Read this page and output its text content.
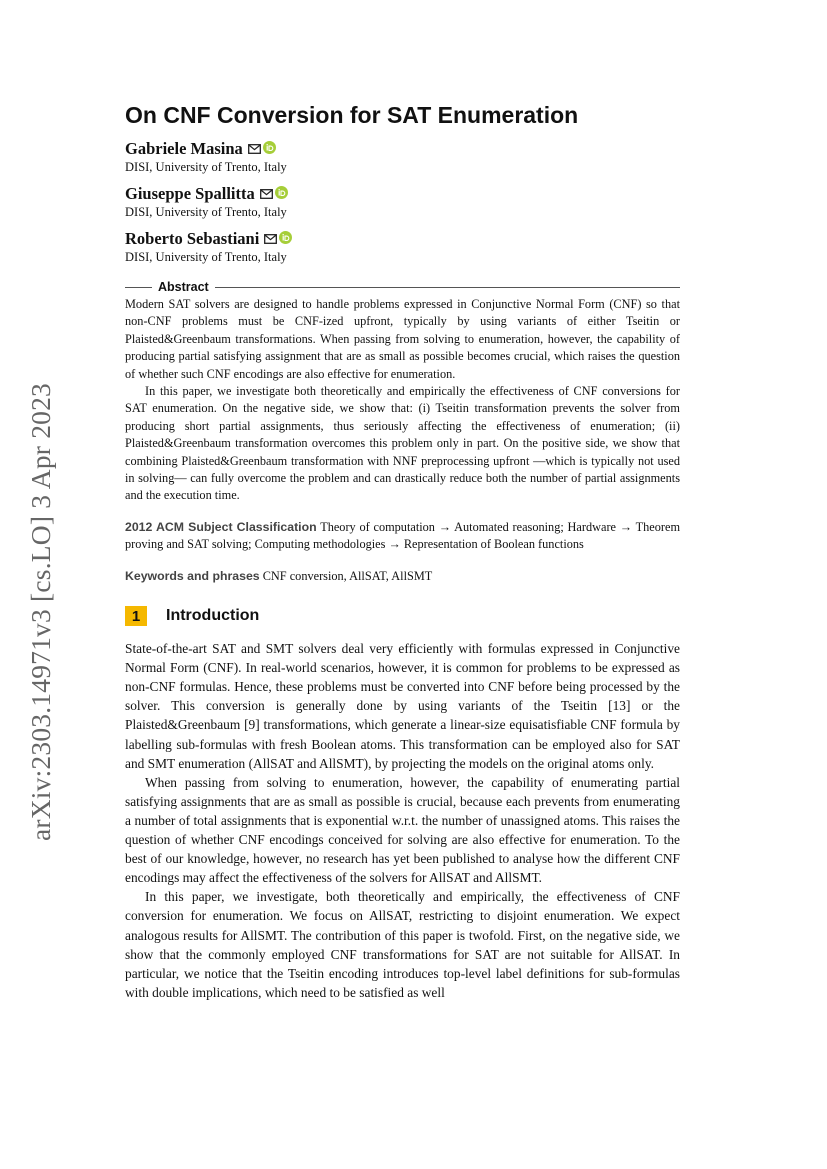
arXiv:2303.14971v3 [cs.LO] 3 Apr 2023
On CNF Conversion for SAT Enumeration
Gabriele Masina
DISI, University of Trento, Italy
Giuseppe Spallitta
DISI, University of Trento, Italy
Roberto Sebastiani
DISI, University of Trento, Italy
Abstract

Modern SAT solvers are designed to handle problems expressed in Conjunctive Normal Form (CNF) so that non-CNF problems must be CNF-ized upfront, typically by using variants of either Tseitin or Plaisted&Greenbaum transformations. When passing from solving to enumeration, however, the capability of producing partial satisfying assignment that are as small as possible becomes crucial, which raises the question of whether such CNF encodings are also effective for enumeration.

In this paper, we investigate both theoretically and empirically the effectiveness of CNF conversions for SAT enumeration. On the negative side, we show that: (i) Tseitin transformation prevents the solver from producing short partial assignments, thus seriously affecting the effectiveness of enumeration; (ii) Plaisted&Greenbaum transformation overcomes this problem only in part. On the positive side, we show that combining Plaisted&Greenbaum transformation with NNF preprocessing upfront —which is typically not used in solving— can fully overcome the problem and can drastically reduce both the number of partial assignments and the execution time.

2012 ACM Subject Classification Theory of computation → Automated reasoning; Hardware → Theorem proving and SAT solving; Computing methodologies → Representation of Boolean functions
Keywords and phrases CNF conversion, AllSAT, AllSMT
1	Introduction

State-of-the-art SAT and SMT solvers deal very efficiently with formulas expressed in Conjunctive Normal Form (CNF). In real-world scenarios, however, it is common for problems to be expressed as non-CNF formulas. Hence, these problems must be converted into CNF before being processed by the solver. This conversion is generally done by using variants of the Tseitin [13] or the Plaisted&Greenbaum [9] transformations, which generate a linear-size equisatisfiable CNF formula by labelling sub-formulas with fresh Boolean atoms. This transformation can be employed also for SAT and SMT enumeration (AllSAT and AllSMT), by projecting the models on the original atoms only.

When passing from solving to enumeration, however, the capability of enumerating partial satisfying assignments that are as small as possible is crucial, because each prevents from enumerating a number of total assignments that is exponential w.r.t. the number of unassigned atoms. This raises the question of whether CNF encodings conceived for solving are also effective for enumeration. To the best of our knowledge, however, no research has yet been published to analyse how the different CNF encodings may affect the effectiveness of the solvers for AllSAT and AllSMT.

In this paper, we investigate, both theoretically and empirically, the effectiveness of CNF conversion for enumeration. We focus on AllSAT, restricting to disjoint enumeration. We expect analogous results for AllSMT. The contribution of this paper is twofold. First, on the negative side, we show that the commonly employed CNF transformations for SAT are not suitable for AllSAT. In particular, we notice that the Tseitin encoding introduces top-level label definitions for sub-formulas with double implications, which need to be satisfied as well
